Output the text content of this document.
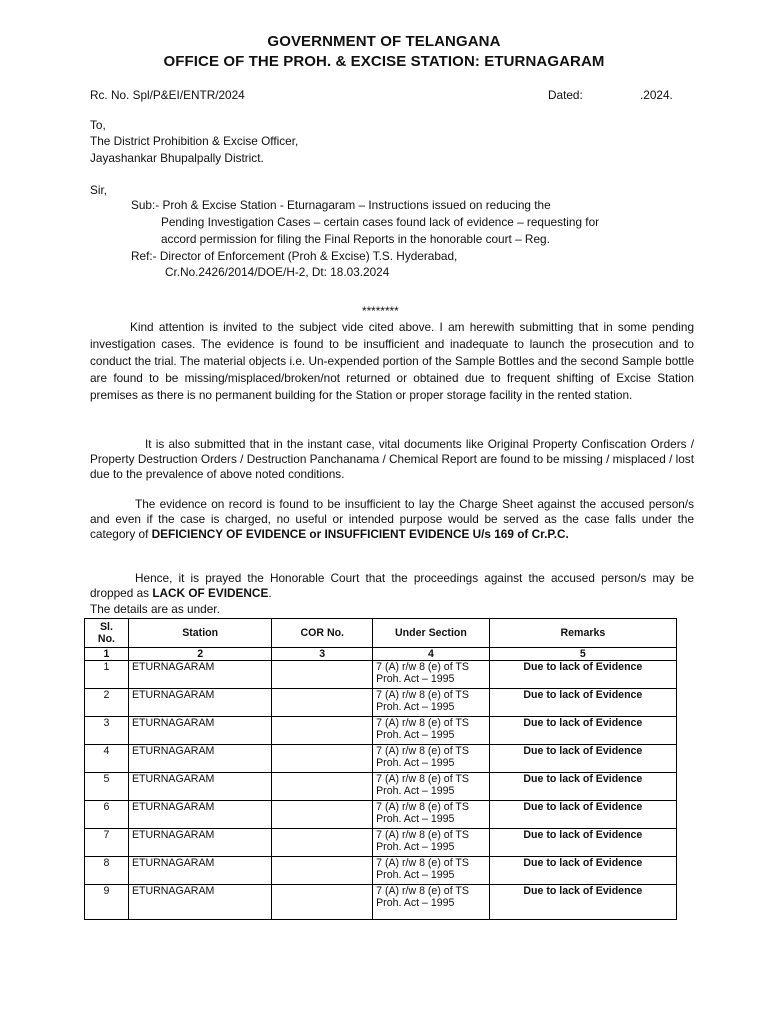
GOVERNMENT OF TELANGANA
OFFICE OF THE PROH. & EXCISE STATION: ETURNAGARAM
Rc. No. Spl/P&EI/ENTR/2024	Dated:	.2024.
To,
The District Prohibition & Excise Officer,
Jayashankar Bhupalpally District.
Sir,
Sub:- Proh & Excise Station - Eturnagaram – Instructions issued on reducing the
Pending Investigation Cases – certain cases found lack of evidence – requesting for
accord permission for filing the Final Reports in the honorable court – Reg.
Ref:- Director of Enforcement (Proh & Excise) T.S. Hyderabad,
Cr.No.2426/2014/DOE/H-2, Dt: 18.03.2024
********
Kind attention is invited to the subject vide cited above. I am herewith submitting that in some pending investigation cases. The evidence is found to be insufficient and inadequate to launch the prosecution and to conduct the trial. The material objects i.e. Un-expended portion of the Sample Bottles and the second Sample bottle are found to be missing/misplaced/broken/not returned or obtained due to frequent shifting of Excise Station premises as there is no permanent building for the Station or proper storage facility in the rented station.
It is also submitted that in the instant case, vital documents like Original Property Confiscation Orders / Property Destruction Orders / Destruction Panchanama / Chemical Report are found to be missing / misplaced / lost due to the prevalence of above noted conditions.
The evidence on record is found to be insufficient to lay the Charge Sheet against the accused person/s and even if the case is charged, no useful or intended purpose would be served as the case falls under the category of DEFICIENCY OF EVIDENCE or INSUFFICIENT EVIDENCE U/s 169 of Cr.P.C.
Hence, it is prayed the Honorable Court that the proceedings against the accused person/s may be dropped as LACK OF EVIDENCE.
The details are as under.
Sl.
No.	Station	COR No.	Under Section	Remarks
1	2	3	4	5
1	ETURNAGARAM		7 (A) r/w 8 (e) of TS
Proh. Act – 1995	Due to lack of Evidence
2	ETURNAGARAM		7 (A) r/w 8 (e) of TS
Proh. Act – 1995	Due to lack of Evidence
3	ETURNAGARAM		7 (A) r/w 8 (e) of TS
Proh. Act – 1995	Due to lack of Evidence
4	ETURNAGARAM		7 (A) r/w 8 (e) of TS
Proh. Act – 1995	Due to lack of Evidence
5	ETURNAGARAM		7 (A) r/w 8 (e) of TS
Proh. Act – 1995	Due to lack of Evidence
6	ETURNAGARAM		7 (A) r/w 8 (e) of TS
Proh. Act – 1995	Due to lack of Evidence
7	ETURNAGARAM		7 (A) r/w 8 (e) of TS
Proh. Act – 1995	Due to lack of Evidence
8	ETURNAGARAM		7 (A) r/w 8 (e) of TS
Proh. Act – 1995	Due to lack of Evidence
9	ETURNAGARAM		7 (A) r/w 8 (e) of TS
Proh. Act – 1995	Due to lack of Evidence
